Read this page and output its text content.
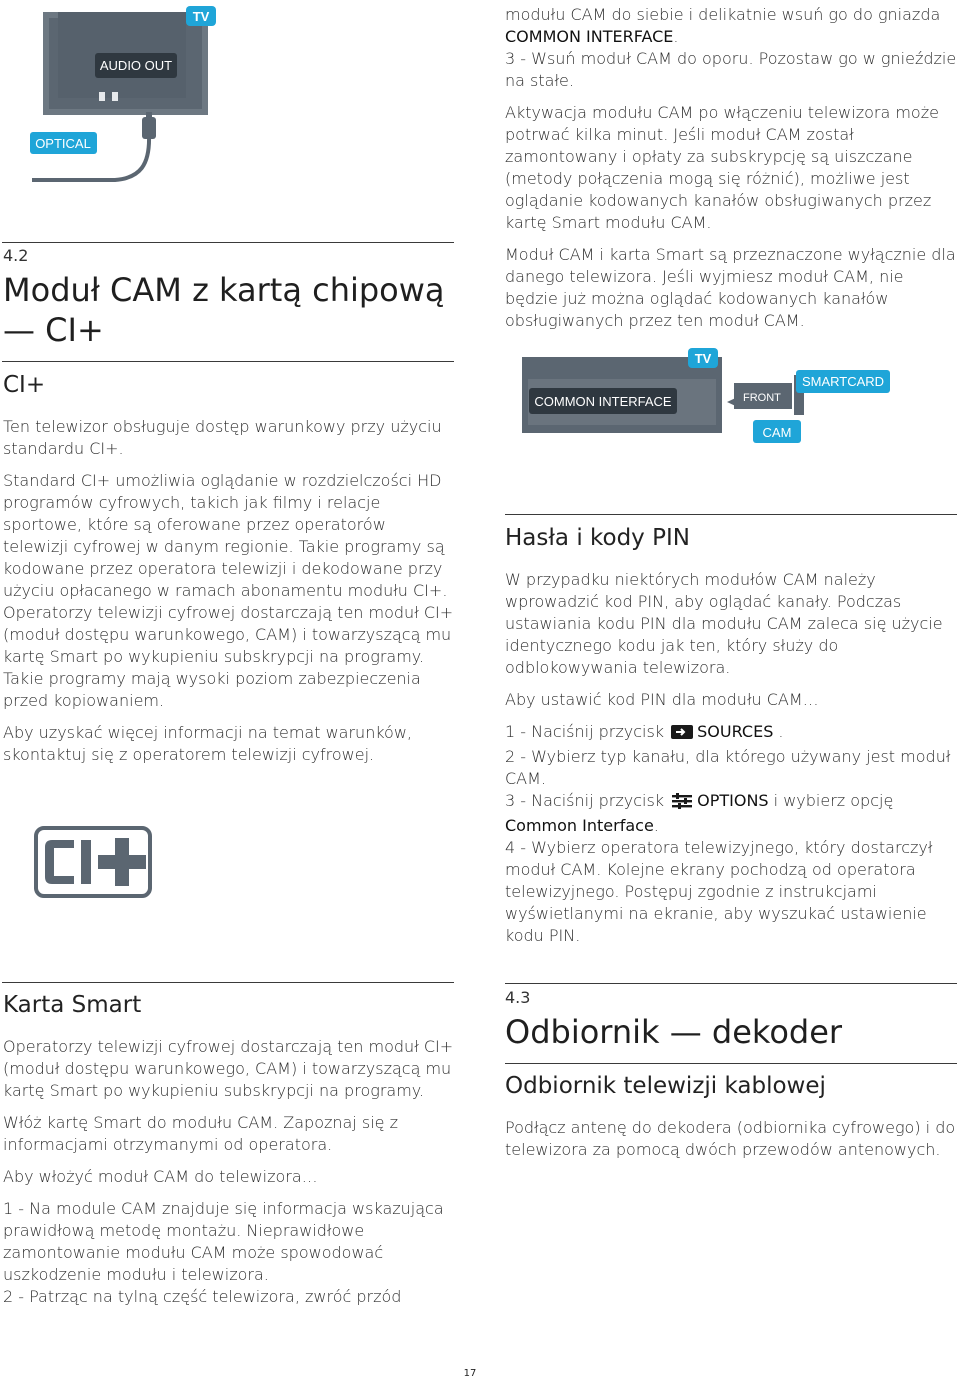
TV
AUDIO OUT
OPTICAL
4.2
Moduł CAM z kartą chipową
— CI+
CI+
Ten telewizor obsługuje dostęp warunkowy przy użyciu standardu CI+.
Standard CI+ umożliwia oglądanie w rozdzielczości HD programów cyfrowych, takich jak filmy i relacje sportowe, które są oferowane przez operatorów telewizji cyfrowej w danym regionie. Takie programy są kodowane przez operatora telewizji i dekodowane przy użyciu opłacanego w ramach abonamentu modułu CI+.
Operatorzy telewizji cyfrowej dostarczają ten moduł CI+ (moduł dostępu warunkowego, CAM) i towarzyszącą mu kartę Smart po wykupieniu subskrypcji na programy. Takie programy mają wysoki poziom zabezpieczenia przed kopiowaniem.
Aby uzyskać więcej informacji na temat warunków, skontaktuj się z operatorem telewizji cyfrowej.
Karta Smart
Operatorzy telewizji cyfrowej dostarczają ten moduł CI+ (moduł dostępu warunkowego, CAM) i towarzyszącą mu kartę Smart po wykupieniu subskrypcji na programy.
Włóż kartę Smart do modułu CAM. Zapoznaj się z informacjami otrzymanymi od operatora.
Aby włożyć moduł CAM do telewizora…
1 - Na module CAM znajduje się informacja wskazująca prawidłową metodę montażu. Nieprawidłowe zamontowanie modułu CAM może spowodować uszkodzenie modułu i telewizora.
2 - Patrząc na tylną część telewizora, zwróć przód
modułu CAM do siebie i delikatnie wsuń go do gniazda COMMON INTERFACE.
3 - Wsuń moduł CAM do oporu. Pozostaw go w gnieździe na stałe.
Aktywacja modułu CAM po włączeniu telewizora może potrwać kilka minut. Jeśli moduł CAM został zamontowany i opłaty za subskrypcję są uiszczane (metody połączenia mogą się różnić), możliwe jest oglądanie kodowanych kanałów obsługiwanych przez kartę Smart modułu CAM.
Moduł CAM i karta Smart są przeznaczone wyłącznie dla danego telewizora. Jeśli wyjmiesz moduł CAM, nie będzie już można oglądać kodowanych kanałów obsługiwanych przez ten moduł CAM.
TV
COMMON INTERFACE	FRONT
SMARTCARD
CAM
Hasła i kody PIN
W przypadku niektórych modułów CAM należy wprowadzić kod PIN, aby oglądać kanały. Podczas ustawiania kodu PIN dla modułu CAM zaleca się użycie identycznego kodu jak ten, który służy do odblokowywania telewizora.
Aby ustawić kod PIN dla modułu CAM…
1 - Naciśnij przycisk SOURCES .
2 - Wybierz typ kanału, dla którego używany jest moduł CAM.
3 - Naciśnij przycisk OPTIONS i wybierz opcję Common Interface.
4 - Wybierz operatora telewizyjnego, który dostarczył moduł CAM. Kolejne ekrany pochodzą od operatora telewizyjnego. Postępuj zgodnie z instrukcjami wyświetlanymi na ekranie, aby wyszukać ustawienie kodu PIN.
4.3
Odbiornik — dekoder
Odbiornik telewizji kablowej
Podłącz antenę do dekodera (odbiornika cyfrowego) i do telewizora za pomocą dwóch przewodów antenowych.
17
